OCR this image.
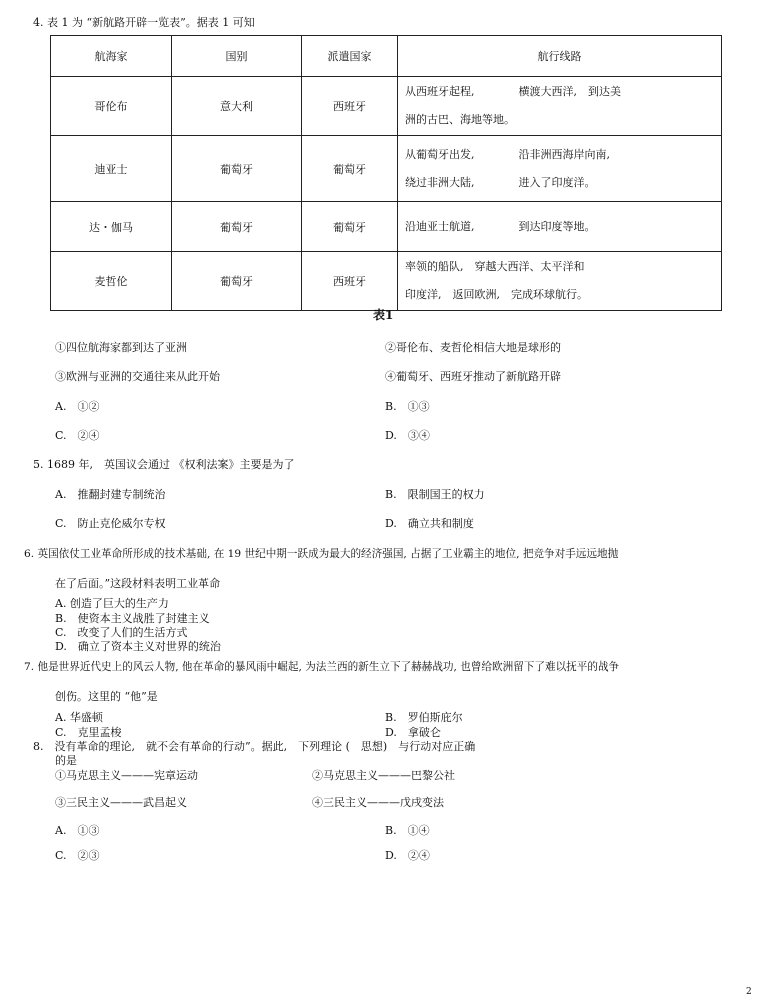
4. 表 1 为 “新航路开辟一览表”。据表 1 可知
航海家	国别	派遣国家	航行线路
哥伦布	意大利	西班牙	从西班牙起程,　　　　横渡大西洋,　到达美
洲的古巴、海地等地。

迪亚士	葡萄牙	葡萄牙	从葡萄牙出发,　　　　沿非洲西海岸向南,
绕过非洲大陆,　　　　进入了印度洋。

达・伽马	葡萄牙	葡萄牙	沿迪亚士航道,　　　　到达印度等地。

麦哲伦	葡萄牙	西班牙	率领的船队,　穿越大西洋、太平洋和
印度洋,　返回欧洲,　完成环球航行。
表1
①四位航海家都到达了亚洲	②哥伦布、麦哲伦相信大地是球形的
③欧洲与亚洲的交通往来从此开始	④葡萄牙、西班牙推动了新航路开辟
A.　①②	B.　①③
C.　②④	D.　③④
5. 1689 年,　英国议会通过 《权利法案》主要是为了
A.　推翻封建专制统治	B.　限制国王的权力
C.　防止克伦威尔专权	D.　确立共和制度
6. 英国依仗工业革命所形成的技术基础, 在 19 世纪中期一跃成为最大的经济强国, 占据了工业霸主的地位, 把竞争对手远远地抛
在了后面。”这段材料表明工业革命
A. 创造了巨大的生产力
B.　使资本主义战胜了封建主义
C.　改变了人们的生活方式
D.　确立了资本主义对世界的统治
7. 他是世界近代史上的风云人物, 他在革命的暴风雨中崛起, 为法兰西的新生立下了赫赫战功, 也曾给欧洲留下了难以抚平的战争
创伤。这里的 “他”是
A. 华盛顿	B.　罗伯斯庇尔
C.　克里孟梭	D.　拿破仑
8.　没有革命的理论,　就不会有革命的行动”。据此,　下列理论 (　思想)　与行动对应正确
的是
①马克思主义———宪章运动	②马克思主义———巴黎公社
③三民主义———武昌起义	④三民主义———戊戌变法
A.　①③	B.　①④
C.　②③	D.　②④
2
